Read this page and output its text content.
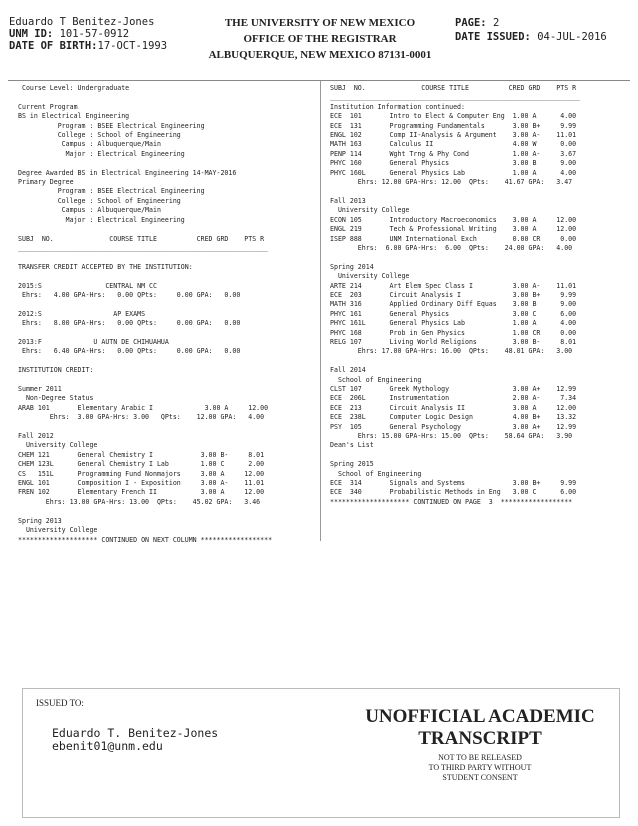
Eduardo T Benitez-Jones
UNM ID: 101-57-0912
DATE OF BIRTH:17-OCT-1993
THE UNIVERSITY OF NEW MEXICO
OFFICE OF THE REGISTRAR
ALBUQUERQUE, NEW MEXICO 87131-0001
PAGE: 2
DATE ISSUED: 04-JUL-2016
Course Level: Undergraduate
Current Program
BS in Electrical Engineering
Program : BSEE Electrical Engineering
College : School of Engineering
Campus : Albuquerque/Main
Major : Electrical Engineering
Degree Awarded BS in Electrical Engineering 14-MAY-2016
Primary Degree
Program : BSEE Electrical Engineering
College : School of Engineering
Campus : Albuquerque/Main
Major : Electrical Engineering
SUBJ  NO.              COURSE TITLE          CRED GRD    PTS R
_______________________________________________________________
TRANSFER CREDIT ACCEPTED BY THE INSTITUTION:
2015:S                CENTRAL NM CC
Ehrs:   4.00 GPA-Hrs:   0.00 QPts:     0.00 GPA:   0.00
2012:S                  AP EXAMS
Ehrs:   8.00 GPA-Hrs:   0.00 QPts:     0.00 GPA:   0.00
2013:F             U AUTN DE CHIHUAHUA
Ehrs:   6.40 GPA-Hrs:   0.00 QPts:     0.00 GPA:   0.00
INSTITUTION CREDIT:
Summer 2011
Non-Degree Status
ARAB 101       Elementary Arabic I             3.00 A     12.00
Ehrs:  3.00 GPA-Hrs: 3.00   QPts:    12.00 GPA:   4.00
Fall 2012
University College
CHEM 121       General Chemistry I            3.00 B-     8.01
CHEM 123L      General Chemistry I Lab        1.00 C      2.00
CS   151L      Programming Fund Nonmajors     3.00 A     12.00
ENGL 101       Composition I - Exposition     3.00 A-    11.01
FREN 102       Elementary French II           3.00 A     12.00
Ehrs: 13.00 GPA-Hrs: 13.00  QPts:    45.02 GPA:   3.46
Spring 2013
University College
******************** CONTINUED ON NEXT COLUMN ******************
SUBJ  NO.              COURSE TITLE          CRED GRD    PTS R
_______________________________________________________________
Institution Information continued:
ECE  101       Intro to Elect & Computer Eng  1.00 A      4.00
ECE  131       Programming Fundamentals       3.00 B+     9.99
ENGL 102       Comp II-Analysis & Argument    3.00 A-    11.01
MATH 163       Calculus II                    4.00 W      0.00
PENP 114       Wght Trng & Phy Cond           1.00 A-     3.67
PHYC 160       General Physics                3.00 B      9.00
PHYC 160L      General Physics Lab            1.00 A      4.00
Ehrs: 12.00 GPA-Hrs: 12.00  QPts:    41.67 GPA:   3.47
Fall 2013
University College
ECON 105       Introductory Macroeconomics    3.00 A     12.00
ENGL 219       Tech & Professional Writing    3.00 A     12.00
ISEP 888       UNM International Exch         0.00 CR     0.00
Ehrs:  6.00 GPA-Hrs:  6.00  QPts:    24.00 GPA:   4.00
Spring 2014
University College
ARTE 214       Art Elem Spec Class I          3.00 A-    11.01
ECE  203       Circuit Analysis I             3.00 B+     9.99
MATH 316       Applied Ordinary Diff Equas    3.00 B      9.00
PHYC 161       General Physics                3.00 C      6.00
PHYC 161L      General Physics Lab            1.00 A      4.00
PHYC 168       Prob in Gen Physics            1.00 CR     0.00
RELG 107       Living World Religions         3.00 B-     8.01
Ehrs: 17.00 GPA-Hrs: 16.00  QPts:    48.01 GPA:   3.00
Fall 2014
School of Engineering
CLST 107       Greek Mythology                3.00 A+    12.99
ECE  206L      Instrumentation                2.00 A-     7.34
ECE  213       Circuit Analysis II            3.00 A     12.00
ECE  238L      Computer Logic Design          4.00 B+    13.32
PSY  105       General Psychology             3.00 A+    12.99
Ehrs: 15.00 GPA-Hrs: 15.00  QPts:    58.64 GPA:   3.90
Dean's List
Spring 2015
School of Engineering
ECE  314       Signals and Systems            3.00 B+     9.99
ECE  340       Probabilistic Methods in Eng   3.00 C      6.00
******************** CONTINUED ON PAGE  3  ******************
ISSUED TO:
Eduardo T. Benitez-Jones
ebenit01@unm.edu
UNOFFICIAL ACADEMIC
TRANSCRIPT
NOT TO BE RELEASED
TO THIRD PARTY WITHOUT
STUDENT CONSENT
